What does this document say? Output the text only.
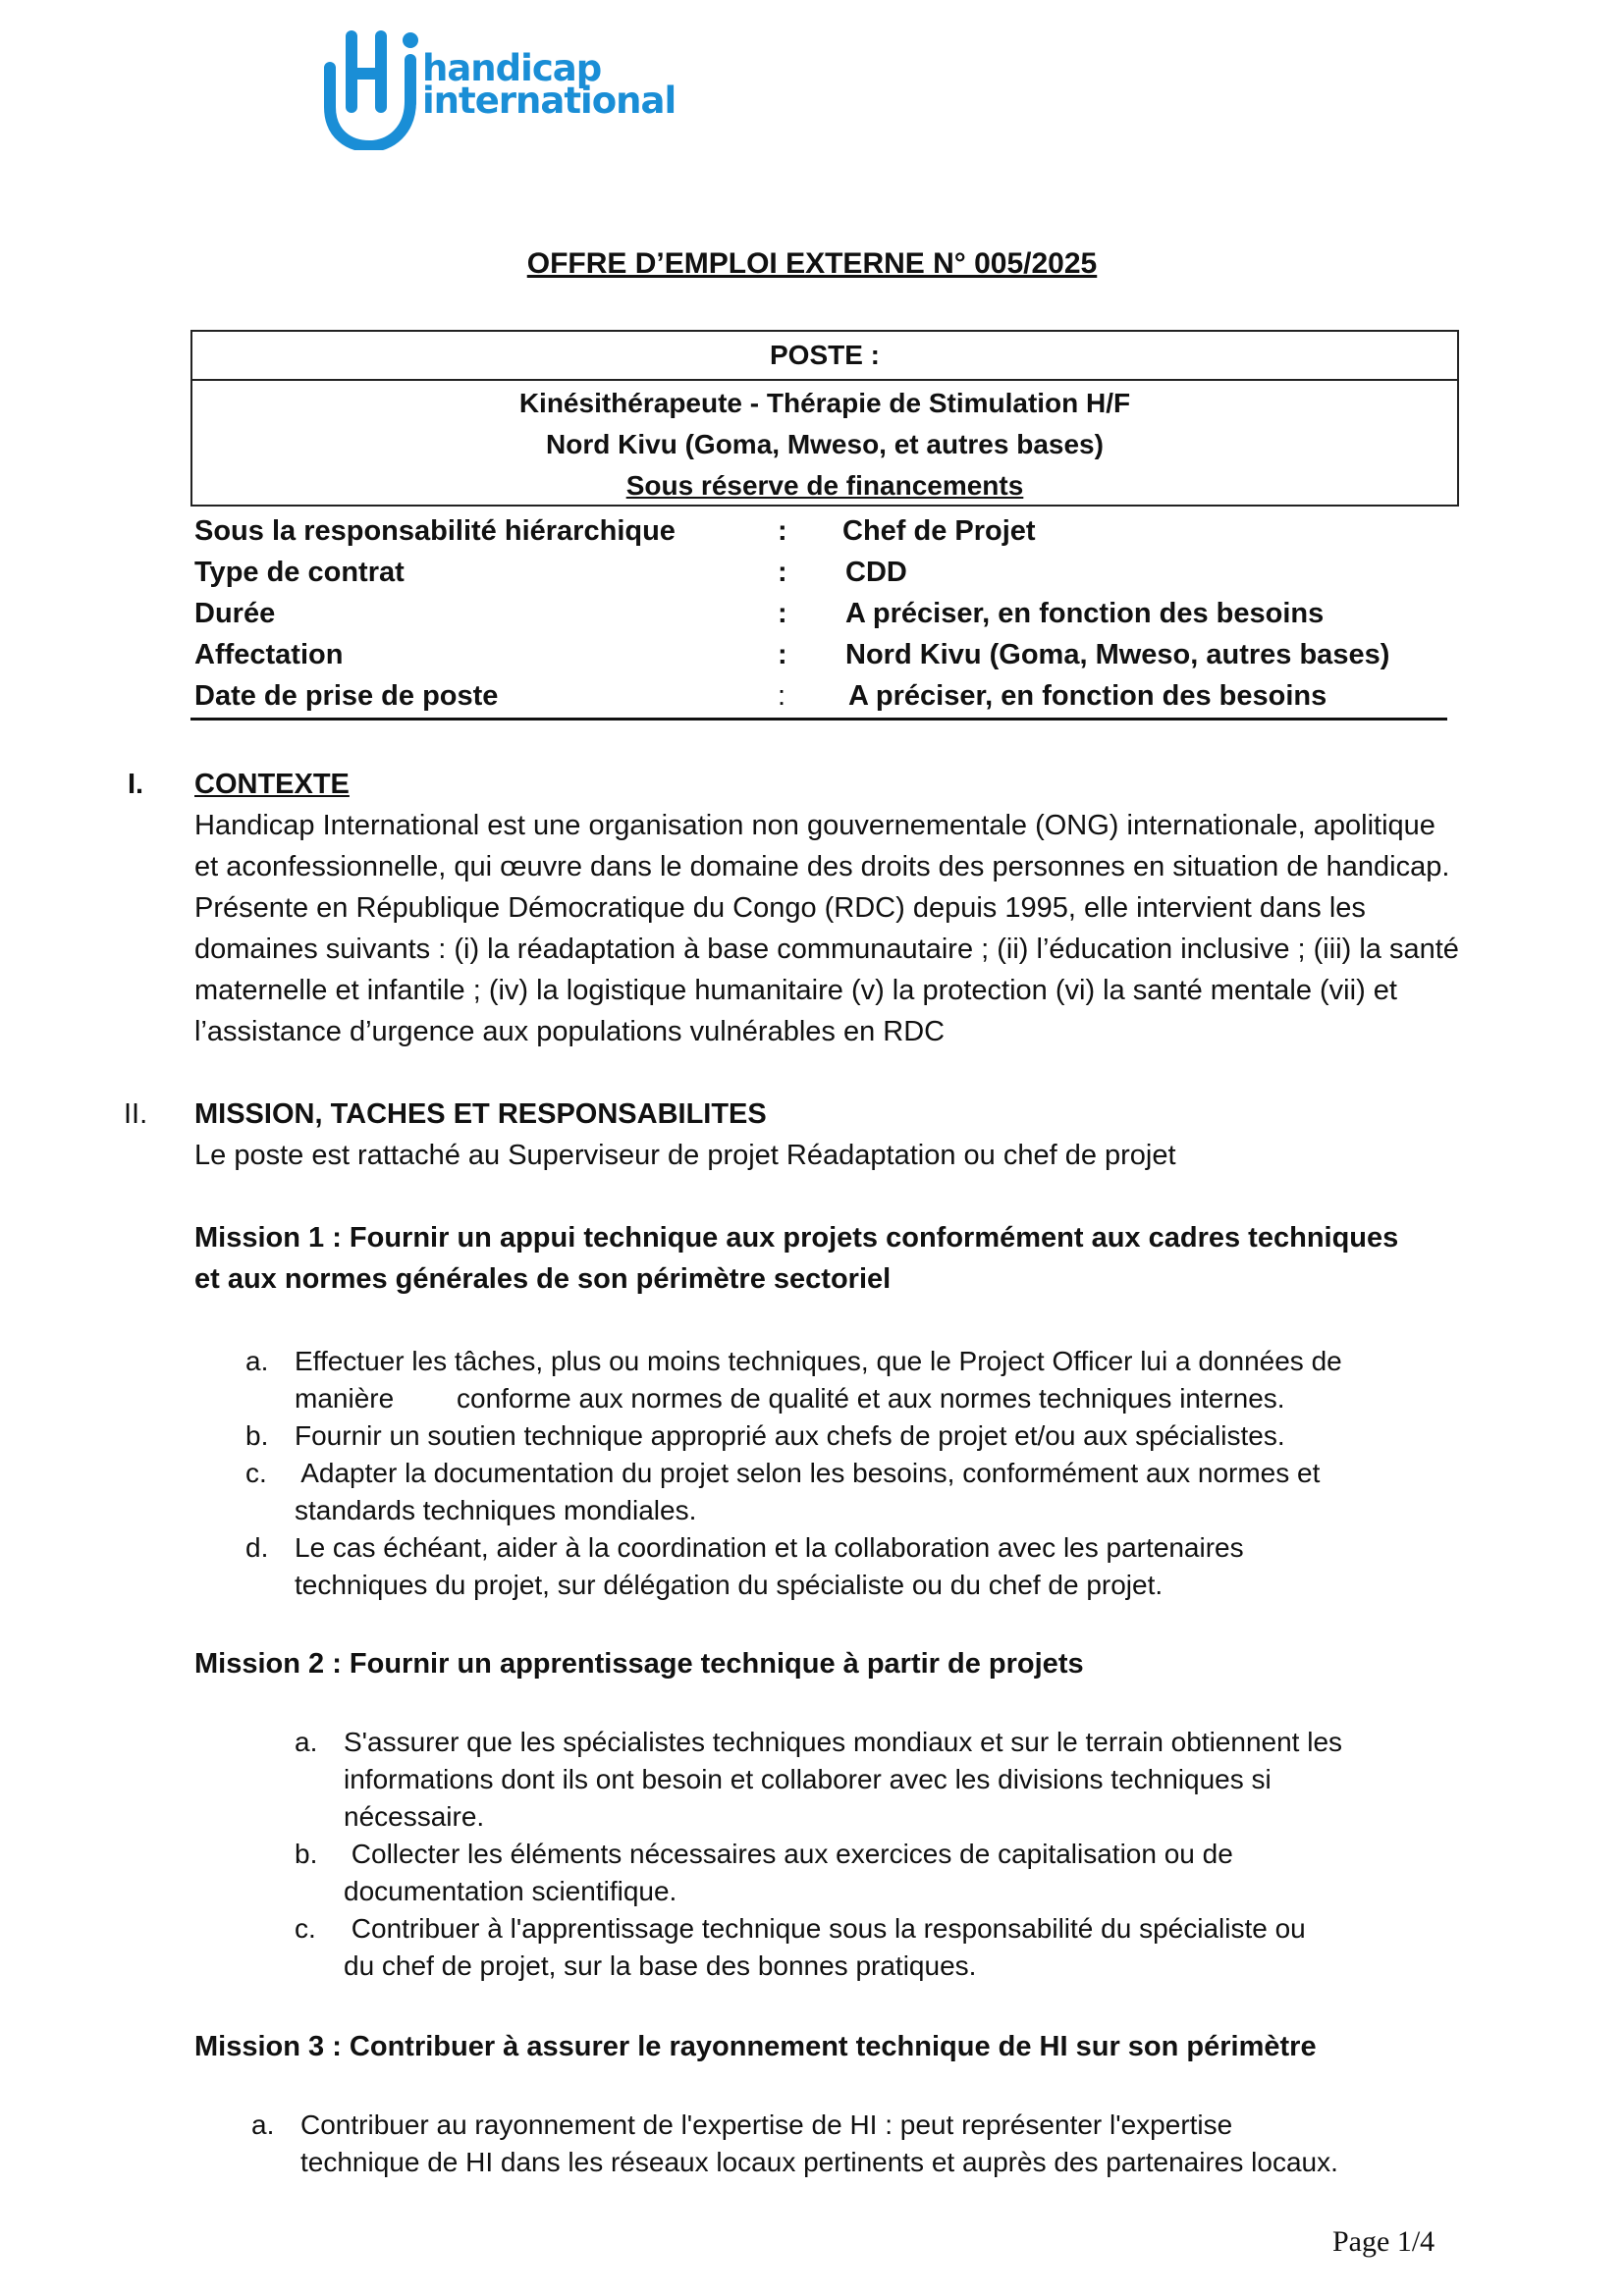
handicap
international
OFFRE D’EMPLOI EXTERNE N° 005/2025
POSTE :
Kinésithérapeute - Thérapie de Stimulation H/F
Nord Kivu (Goma, Mweso, et autres bases)
Sous réserve de financements
Sous la responsabilité hiérarchique	: Chef de Projet
Type de contrat	: CDD
Durée	: A préciser, en fonction des besoins
Affectation	: Nord Kivu (Goma, Mweso, autres bases)
Date de prise de poste	: A préciser, en fonction des besoins
I. CONTEXTE
Handicap International est une organisation non gouvernementale (ONG) internationale, apolitique
et aconfessionnelle, qui œuvre dans le domaine des droits des personnes en situation de handicap.
Présente en République Démocratique du Congo (RDC) depuis 1995, elle intervient dans les
domaines suivants : (i) la réadaptation à base communautaire ; (ii) l’éducation inclusive ; (iii) la santé
maternelle et infantile ; (iv) la logistique humanitaire (v) la protection (vi) la santé mentale (vii) et
l’assistance d’urgence aux populations vulnérables en RDC
II. MISSION, TACHES ET RESPONSABILITES
Le poste est rattaché au Superviseur de projet Réadaptation ou chef de projet
Mission 1 : Fournir un appui technique aux projets conformément aux cadres techniques
et aux normes générales de son périmètre sectoriel
a. Effectuer les tâches, plus ou moins techniques, que le Project Officer lui a données de
manière conforme aux normes de qualité et aux normes techniques internes.
b. Fournir un soutien technique approprié aux chefs de projet et/ou aux spécialistes.
c. Adapter la documentation du projet selon les besoins, conformément aux normes et
standards techniques mondiales.
d. Le cas échéant, aider à la coordination et la collaboration avec les partenaires
techniques du projet, sur délégation du spécialiste ou du chef de projet.
Mission 2 : Fournir un apprentissage technique à partir de projets
a. S'assurer que les spécialistes techniques mondiaux et sur le terrain obtiennent les
informations dont ils ont besoin et collaborer avec les divisions techniques si
nécessaire.
b. Collecter les éléments nécessaires aux exercices de capitalisation ou de
documentation scientifique.
c. Contribuer à l'apprentissage technique sous la responsabilité du spécialiste ou
du chef de projet, sur la base des bonnes pratiques.
Mission 3 : Contribuer à assurer le rayonnement technique de HI sur son périmètre
a. Contribuer au rayonnement de l'expertise de HI : peut représenter l'expertise
technique de HI dans les réseaux locaux pertinents et auprès des partenaires locaux.
Page 1/4
